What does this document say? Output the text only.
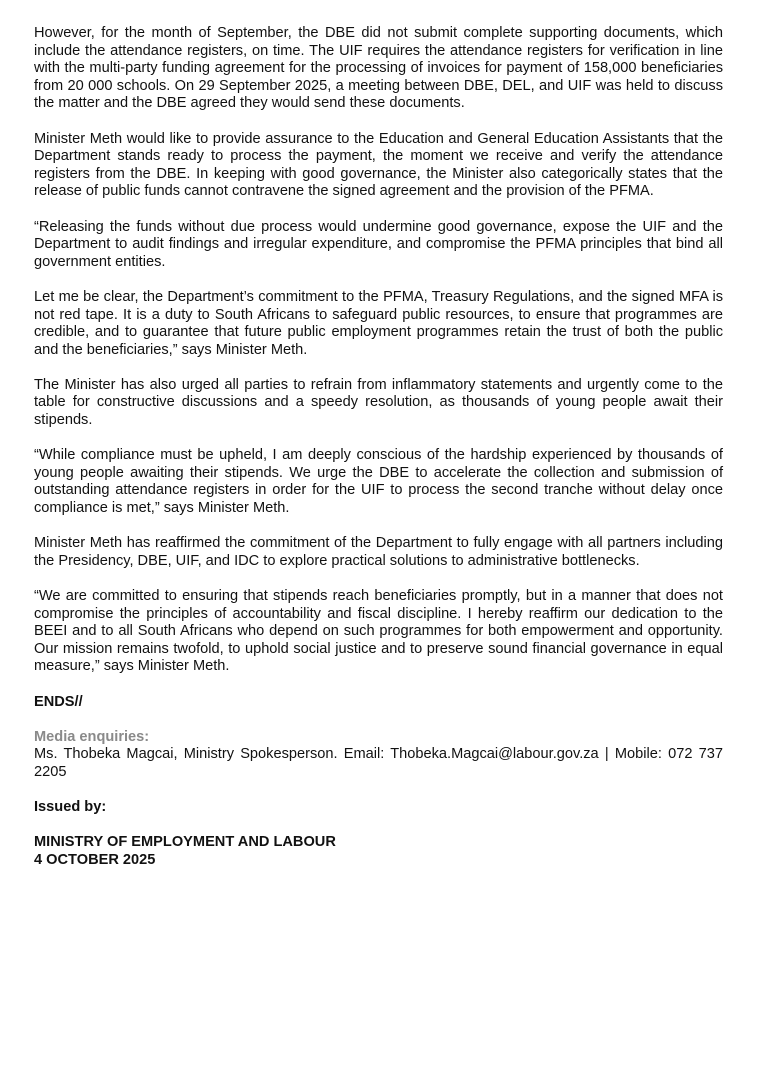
However, for the month of September, the DBE did not submit complete supporting documents, which include the attendance registers, on time. The UIF requires the attendance registers for verification in line with the multi-party funding agreement for the processing of invoices for payment of 158,000 beneficiaries from 20 000 schools. On 29 September 2025, a meeting between DBE, DEL, and UIF was held to discuss the matter and the DBE agreed they would send these documents.

Minister Meth would like to provide assurance to the Education and General Education Assistants that the Department stands ready to process the payment, the moment we receive and verify the attendance registers from the DBE. In keeping with good governance, the Minister also categorically states that the release of public funds cannot contravene the signed agreement and the provision of the PFMA.

“Releasing the funds without due process would undermine good governance, expose the UIF and the Department to audit findings and irregular expenditure, and compromise the PFMA principles that bind all government entities.

Let me be clear, the Department’s commitment to the PFMA, Treasury Regulations, and the signed MFA is not red tape. It is a duty to South Africans to safeguard public resources, to ensure that programmes are credible, and to guarantee that future public employment programmes retain the trust of both the public and the beneficiaries,” says Minister Meth.

The Minister has also urged all parties to refrain from inflammatory statements and urgently come to the table for constructive discussions and a speedy resolution, as thousands of young people await their stipends.

“While compliance must be upheld, I am deeply conscious of the hardship experienced by thousands of young people awaiting their stipends. We urge the DBE to accelerate the collection and submission of outstanding attendance registers in order for the UIF to process the second tranche without delay once compliance is met,” says Minister Meth.

Minister Meth has reaffirmed the commitment of the Department to fully engage with all partners including the Presidency, DBE, UIF, and IDC to explore practical solutions to administrative bottlenecks.

“We are committed to ensuring that stipends reach beneficiaries promptly, but in a manner that does not compromise the principles of accountability and fiscal discipline. I hereby reaffirm our dedication to the BEEI and to all South Africans who depend on such programmes for both empowerment and opportunity. Our mission remains twofold, to uphold social justice and to preserve sound financial governance in equal measure,” says Minister Meth.

ENDS//

Media enquiries:

Ms. Thobeka Magcai, Ministry Spokesperson. Email: Thobeka.Magcai@labour.gov.za | Mobile: 072 737 2205

Issued by:

MINISTRY OF EMPLOYMENT AND LABOUR

4 OCTOBER 2025
